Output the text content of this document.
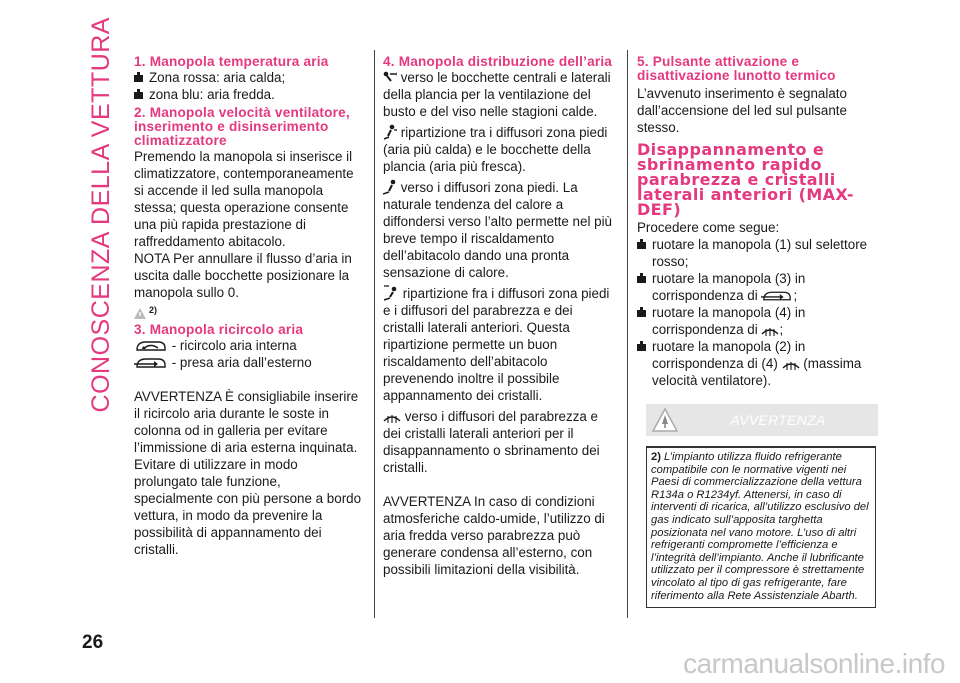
CONOSCENZA DELLA VETTURA 1. Manopola temperatura aria
Zona rossa: aria calda;
zona blu: aria fredda.
2. Manopola velocità ventilatore, inserimento e disinserimento climatizzatore

Premendo la manopola si inserisce il climatizzatore, contemporaneamente si accende il led sulla manopola stessa; questa operazione consente una più rapida prestazione di raffreddamento abitacolo.

NOTA Per annullare il flusso d’aria in uscita dalle bocchette posizionare la manopola sullo 0.

2)
3. Manopola ricircolo aria
- ricircolo aria interna
- presa aria dall’esterno

AVVERTENZA È consigliabile inserire il ricircolo aria durante le soste in colonna od in galleria per evitare l’immissione di aria esterna inquinata. Evitare di utilizzare in modo prolungato tale funzione, specialmente con più persone a bordo vettura, in modo da prevenire la possibilità di appannamento dei cristalli.

4. Manopola distribuzione dell’aria

verso le bocchette centrali e laterali della plancia per la ventilazione del busto e del viso nelle stagioni calde.

ripartizione tra i diffusori zona piedi (aria più calda) e le bocchette della plancia (aria più fresca).

verso i diffusori zona piedi. La naturale tendenza del calore a diffondersi verso l’alto permette nel più breve tempo il riscaldamento dell’abitacolo dando una pronta sensazione di calore.

ripartizione fra i diffusori zona piedi e i diffusori del parabrezza e dei cristalli laterali anteriori. Questa ripartizione permette un buon riscaldamento dell’abitacolo prevenendo inoltre il possibile appannamento dei cristalli.

verso i diffusori del parabrezza e dei cristalli laterali anteriori per il disappannamento o sbrinamento dei cristalli.

AVVERTENZA In caso di condizioni atmosferiche caldo-umide, l’utilizzo di aria fredda verso parabrezza può generare condensa all’esterno, con possibili limitazioni della visibilità.

5. Pulsante attivazione e disattivazione lunotto termico

L’avvenuto inserimento è segnalato dall’accensione del led sul pulsante stesso.

Disappannamento e sbrinamento rapido parabrezza e cristalli laterali anteriori (MAX-DEF)

Procedere come segue:

ruotare la manopola (1) sul selettore rosso;
ruotare la manopola (3) in corrispondenza di	;
ruotare la manopola (4) in corrispondenza di ;
ruotare la manopola (2) in corrispondenza di (4) (massima velocità ventilatore).
AVVERTENZA
2) L’impianto utilizza fluido refrigerante compatibile con le normative vigenti nei Paesi di commercializzazione della vettura R134a o R1234yf. Attenersi, in caso di interventi di ricarica, all’utilizzo esclusivo del gas indicato sull’apposita targhetta posizionata nel vano motore. L’uso di altri refrigeranti compromette l’efficienza e l’integrità dell’impianto. Anche il lubrificante utilizzato per il compressore è strettamente vincolato al tipo di gas refrigerante, fare riferimento alla Rete Assistenziale Abarth.
26
carmanualsonline.info
